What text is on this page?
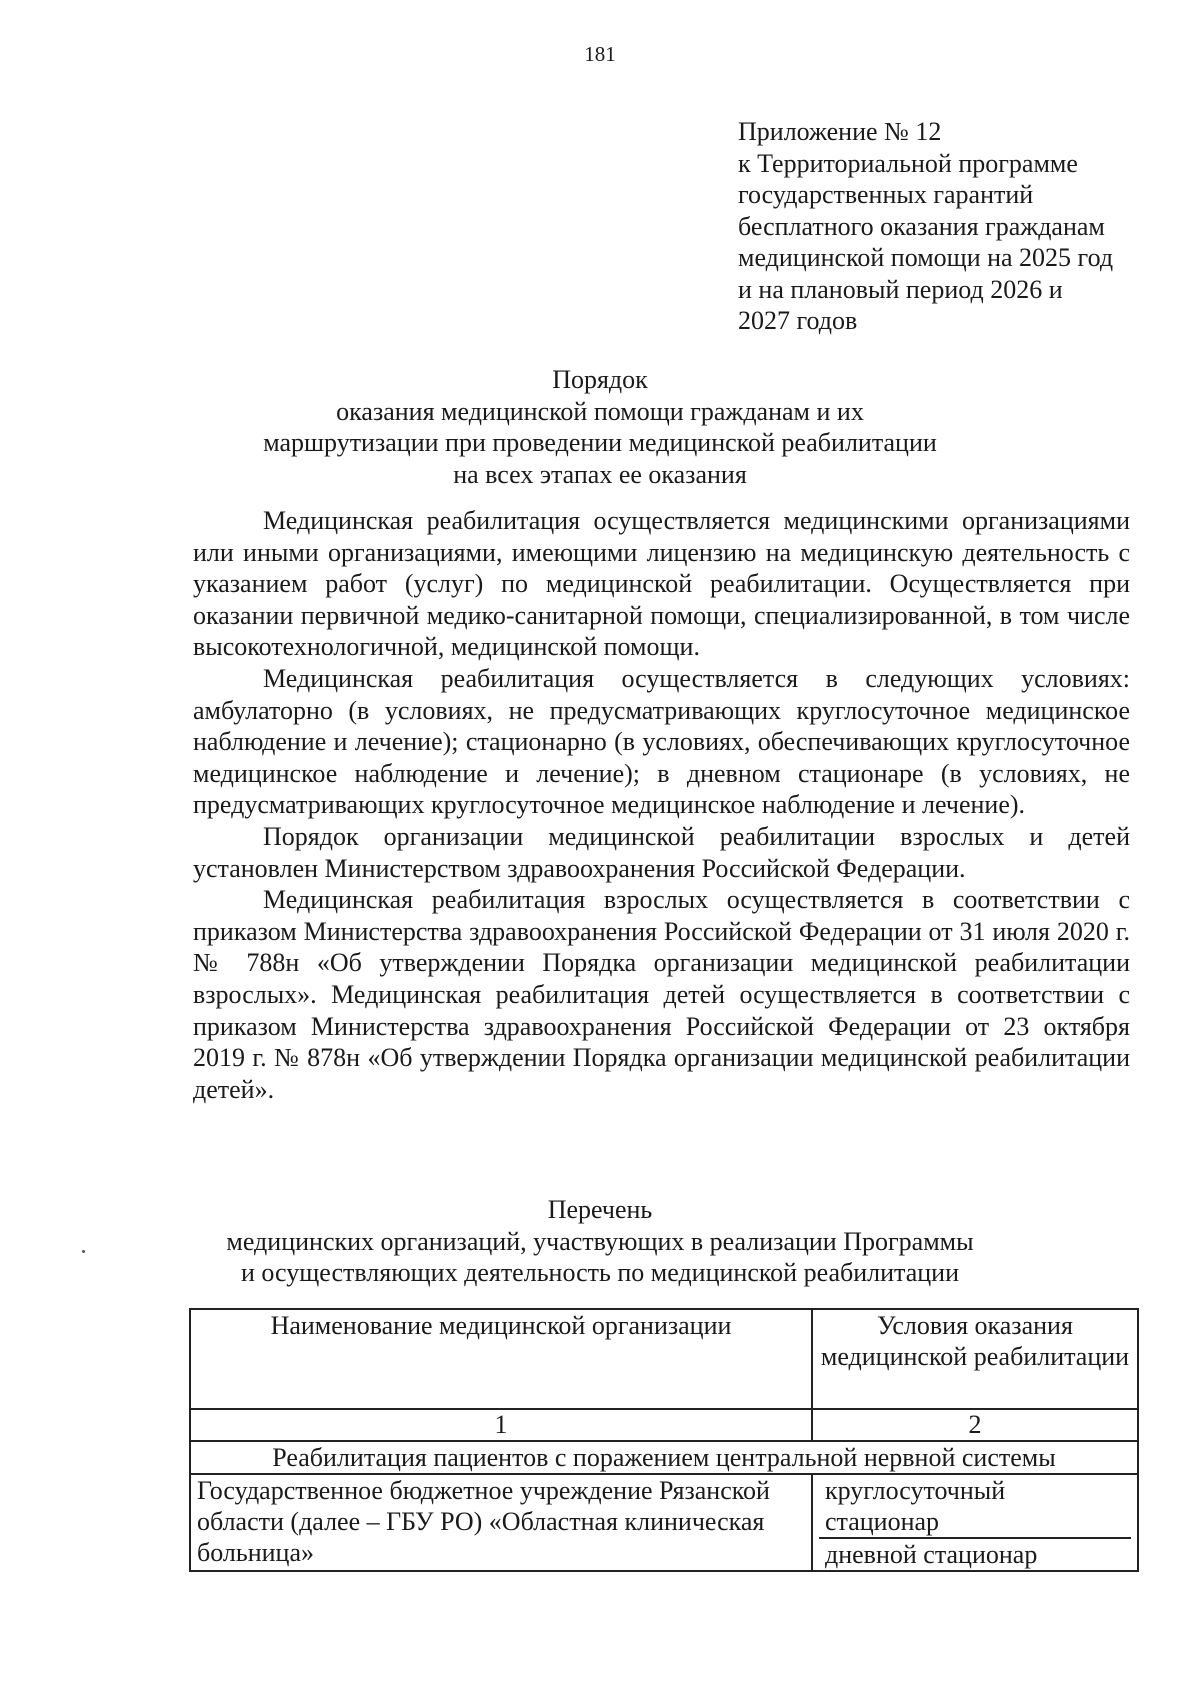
181
Приложение № 12
к Территориальной программе
государственных гарантий
бесплатного оказания гражданам
медицинской помощи на 2025 год
и на плановый период 2026 и
2027 годов
Порядок
оказания медицинской помощи гражданам и их
маршрутизации при проведении медицинской реабилитации
на всех этапах ее оказания

Медицинская реабилитация осуществляется медицинскими организациями или иными организациями, имеющими лицензию на медицинскую деятельность с указанием работ (услуг) по медицинской реабилитации. Осуществляется при оказании первичной медико-санитарной помощи, специализированной, в том числе высокотехнологичной, медицинской помощи.

Медицинская реабилитация осуществляется в следующих условиях: амбулаторно (в условиях, не предусматривающих круглосуточное медицинское наблюдение и лечение); стационарно (в условиях, обеспечивающих круглосуточное медицинское наблюдение и лечение); в дневном стационаре (в условиях, не предусматривающих круглосуточное медицинское наблюдение и лечение).

Порядок организации медицинской реабилитации взрослых и детей установлен Министерством здравоохранения Российской Федерации.

Медицинская реабилитация взрослых осуществляется в соответствии с приказом Министерства здравоохранения Российской Федерации от 31 июля 2020 г. № 788н «Об утверждении Порядка организации медицинской реабилитации взрослых». Медицинская реабилитация детей осуществляется в соответствии с приказом Министерства здравоохранения Российской Федерации от 23 октября 2019 г. № 878н «Об утверждении Порядка организации медицинской реабилитации детей».

Перечень
медицинских организаций, участвующих в реализации Программы
и осуществляющих деятельность по медицинской реабилитации
Наименование медицинской организации	Условия оказания медицинской реабилитации
1	2
Реабилитация пациентов с поражением центральной нервной системы	
Государственное бюджетное учреждение Рязанской области (далее – ГБУ РО) «Областная клиническая больница»	круглосуточный стационар
дневной стационар
